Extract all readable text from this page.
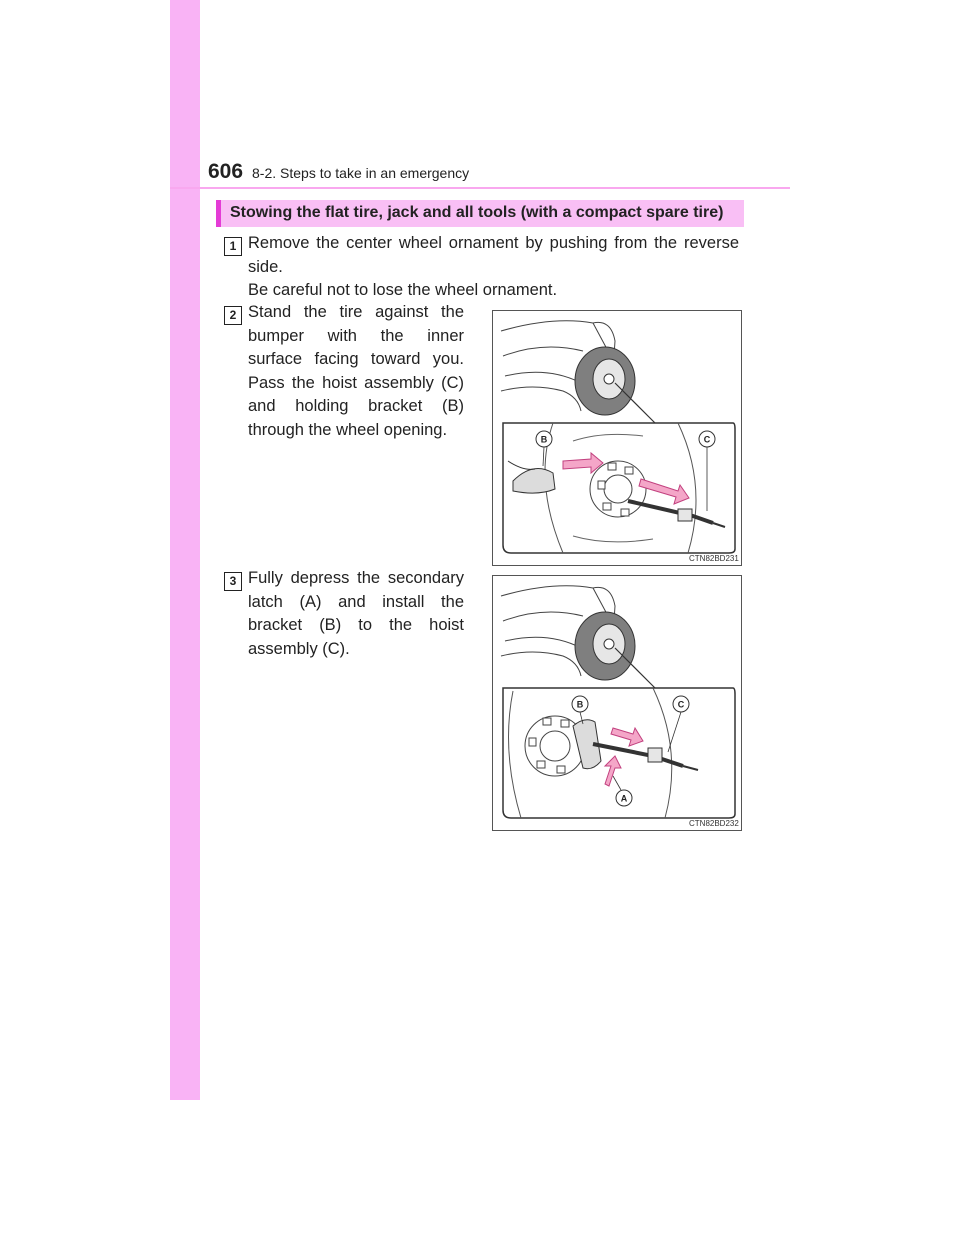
606 8-2. Steps to take in an emergency
Stowing the flat tire, jack and all tools (with a compact spare tire)
1 Remove the center wheel ornament by pushing from the reverse side.
Be careful not to lose the wheel ornament.
2 Stand the tire against the bumper with the inner surface facing toward you. Pass the hoist assembly (C) and holding bracket (B) through the wheel opening.
B	C
CTN82BD231
3 Fully depress the secondary latch (A) and install the bracket (B) to the hoist assembly (C).
B	C
A
CTN82BD232
